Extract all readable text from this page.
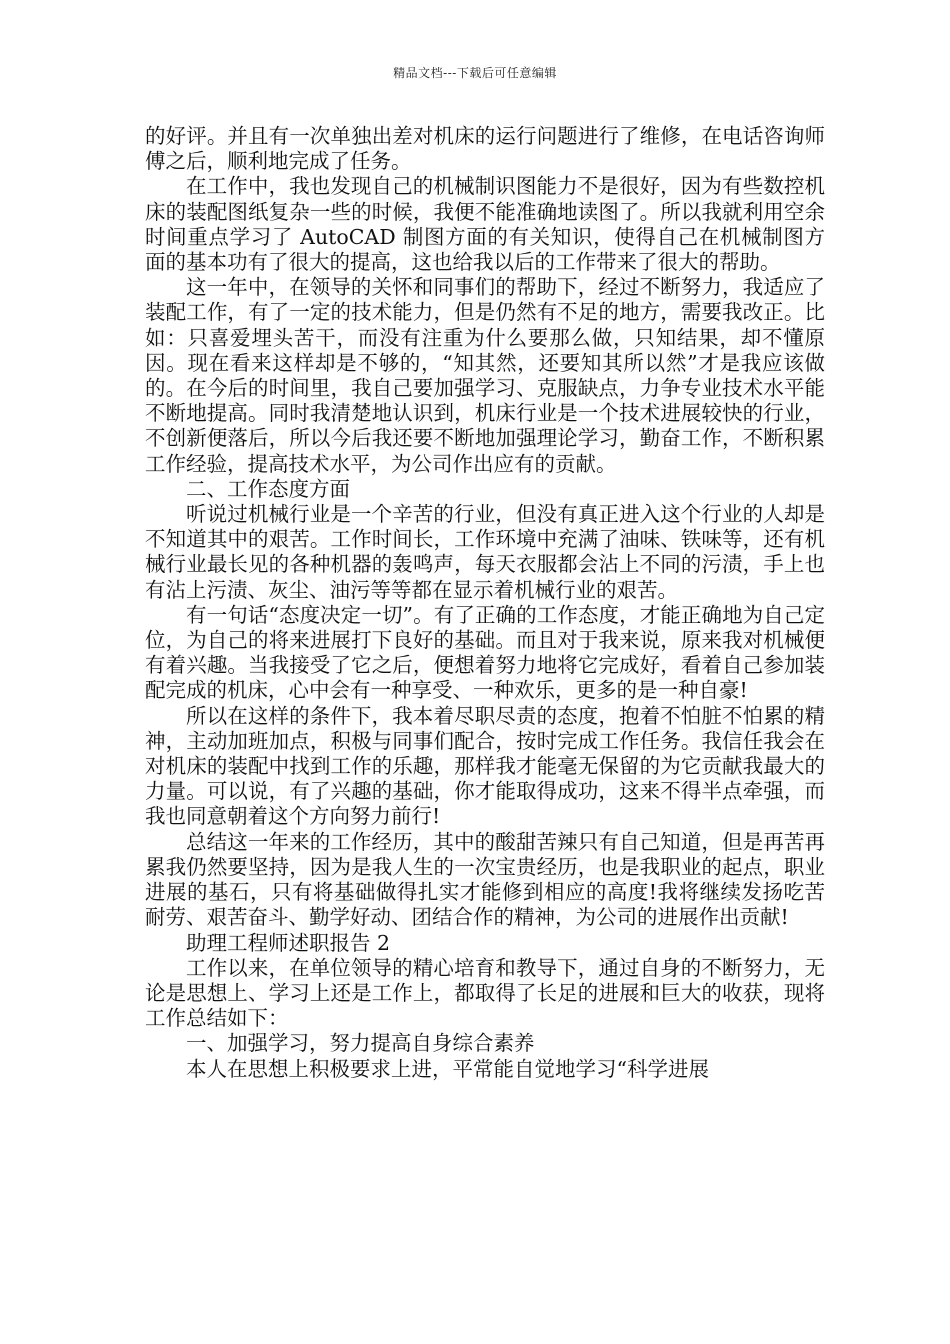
精品文档---下载后可任意编辑

的好评。并且有一次单独出差对机床的运行问题进行了维修，在电话咨询师傅之后，顺利地完成了任务。

在工作中，我也发现自己的机械制识图能力不是很好，因为有些数控机床的装配图纸复杂一些的时候，我便不能准确地读图了。所以我就利用空余时间重点学习了 AutoCAD 制图方面的有关知识，使得自己在机械制图方面的基本功有了很大的提高，这也给我以后的工作带来了很大的帮助。

这一年中，在领导的关怀和同事们的帮助下，经过不断努力，我适应了装配工作，有了一定的技术能力，但是仍然有不足的地方，需要我改正。比如：只喜爱埋头苦干，而没有注重为什么要那么做，只知结果，却不懂原因。现在看来这样却是不够的，“知其然，还要知其所以然”才是我应该做的。在今后的时间里，我自己要加强学习、克服缺点，力争专业技术水平能不断地提高。同时我清楚地认识到，机床行业是一个技术进展较快的行业，不创新便落后，所以今后我还要不断地加强理论学习，勤奋工作，不断积累工作经验，提高技术水平，为公司作出应有的贡献。

二、工作态度方面

听说过机械行业是一个辛苦的行业，但没有真正进入这个行业的人却是不知道其中的艰苦。工作时间长，工作环境中充满了油味、铁味等，还有机械行业最长见的各种机器的轰鸣声，每天衣服都会沾上不同的污渍，手上也有沾上污渍、灰尘、油污等等都在显示着机械行业的艰苦。

有一句话“态度决定一切”。有了正确的工作态度，才能正确地为自己定位，为自己的将来进展打下良好的基础。而且对于我来说，原来我对机械便有着兴趣。当我接受了它之后，便想着努力地将它完成好，看着自己参加装配完成的机床，心中会有一种享受、一种欢乐，更多的是一种自豪!

所以在这样的条件下，我本着尽职尽责的态度，抱着不怕脏不怕累的精神，主动加班加点，积极与同事们配合，按时完成工作任务。我信任我会在对机床的装配中找到工作的乐趣，那样我才能毫无保留的为它贡献我最大的力量。可以说，有了兴趣的基础，你才能取得成功，这来不得半点牵强，而我也同意朝着这个方向努力前行!

总结这一年来的工作经历，其中的酸甜苦辣只有自己知道，但是再苦再累我仍然要坚持，因为是我人生的一次宝贵经历，也是我职业的起点，职业进展的基石，只有将基础做得扎实才能修到相应的高度!我将继续发扬吃苦耐劳、艰苦奋斗、勤学好动、团结合作的精神，为公司的进展作出贡献!

助理工程师述职报告 2

工作以来，在单位领导的精心培育和教导下，通过自身的不断努力，无论是思想上、学习上还是工作上，都取得了长足的进展和巨大的收获，现将工作总结如下：

一、加强学习，努力提高自身综合素养

本人在思想上积极要求上进，平常能自觉地学习“科学进展
